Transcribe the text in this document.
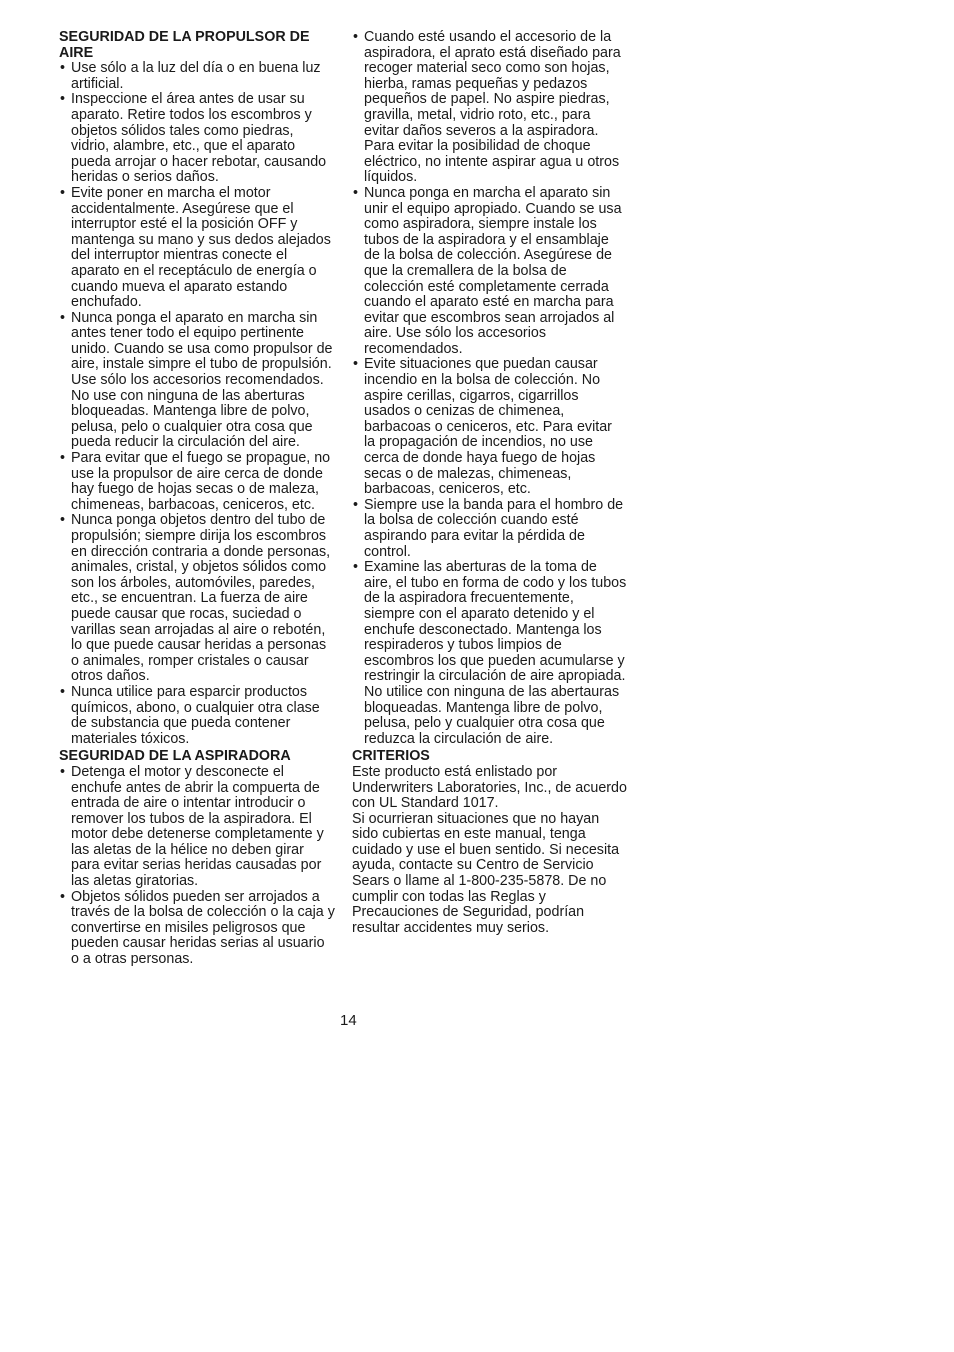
SEGURIDAD DE LA PROPULSOR DE AIRE

• Use sólo a la luz del día o en buena luz artificial.
• Inspeccione el área antes de usar su aparato. Retire todos los escombros y objetos sólidos tales como piedras, vidrio, alambre, etc., que el aparato pueda arrojar o hacer rebotar, causando heridas o serios daños.
• Evite poner en marcha el motor accidentalmente. Asegúrese que el interruptor esté el la posición OFF y mantenga su mano y sus dedos alejados del interruptor mientras conecte el aparato en el receptáculo de energía o cuando mueva el aparato estando enchufado.
• Nunca ponga el aparato en marcha sin antes tener todo el equipo pertinente unido. Cuando se usa como propulsor de aire, instale simpre el tubo de propulsión. Use sólo los accesorios recomendados. No use con ninguna de las aberturas bloqueadas. Mantenga libre de polvo, pelusa, pelo o cualquier otra cosa que pueda reducir la circulación del aire.
• Para evitar que el fuego se propague, no use la propulsor de aire cerca de donde hay fuego de hojas secas o de maleza, chimeneas, barbacoas, ceniceros, etc.
• Nunca ponga objetos dentro del tubo de propulsión; siempre dirija los escombros en dirección contraria a donde personas, animales, cristal, y objetos sólidos como son los árboles, automóviles, paredes, etc., se encuentran. La fuerza de aire puede causar que rocas, suciedad o varillas sean arrojadas al aire o rebotén, lo que puede causar heridas a personas o animales, romper cristales o causar otros daños.
• Nunca utilice para esparcir productos químicos, abono, o cualquier otra clase de substancia que pueda contener materiales tóxicos.

SEGURIDAD DE LA ASPIRADORA

• Detenga el motor y desconecte el enchufe antes de abrir la compuerta de entrada de aire o intentar introducir o remover los tubos de la aspiradora. El motor debe detenerse completamente y las aletas de la hélice no deben girar para evitar serias heridas causadas por las aletas giratorias.
• Objetos sólidos pueden ser arrojados a través de la bolsa de colección o la caja y convertirse en misiles peligrosos que pueden causar heridas serias al usuario o a otras personas.
• Cuando esté usando el accesorio de la aspiradora, el aprato está diseñado para recoger material seco como son hojas, hierba, ramas pequeñas y pedazos pequeños de papel. No aspire piedras, gravilla, metal, vidrio roto, etc., para evitar daños severos a la aspiradora. Para evitar la posibilidad de choque eléctrico, no intente aspirar agua u otros líquidos.
• Nunca ponga en marcha el aparato sin unir el equipo apropiado. Cuando se usa como aspiradora, siempre instale los tubos de la aspiradora y el ensamblaje de la bolsa de colección. Asegúrese de que la cremallera de la bolsa de colección esté completamente cerrada cuando el aparato esté en marcha para evitar que escombros sean arrojados al aire. Use sólo los accesorios recomendados.
• Evite situaciones que puedan causar incendio en la bolsa de colección. No aspire cerillas, cigarros, cigarrillos usados o cenizas de chimenea, barbacoas o ceniceros, etc. Para evitar la propagación de incendios, no use cerca de donde haya fuego de hojas secas o de malezas, chimeneas, barbacoas, ceniceros, etc.
• Siempre use la banda para el hombro de la bolsa de colección cuando esté aspirando para evitar la pérdida de control.
• Examine las aberturas de la toma de aire, el tubo en forma de codo y los tubos de la aspiradora frecuentemente, siempre con el aparato detenido y el enchufe desconectado. Mantenga los respiraderos y tubos limpios de escombros los que pueden acumularse y restringir la circulación de aire apropiada. No utilice con ninguna de las abertauras bloqueadas. Mantenga libre de polvo, pelusa, pelo y cualquier otra cosa que reduzca la circulación de aire.

CRITERIOS

Este producto está enlistado por Underwriters Laboratories, Inc., de acuerdo con UL Standard 1017.

Si ocurrieran situaciones que no hayan sido cubiertas en este manual, tenga cuidado y use el buen sentido. Si necesita ayuda, contacte su Centro de Servicio Sears o llame al 1-800-235-5878. De no cumplir con todas las Reglas y Precauciones de Seguridad, podrían resultar accidentes muy serios.

14
